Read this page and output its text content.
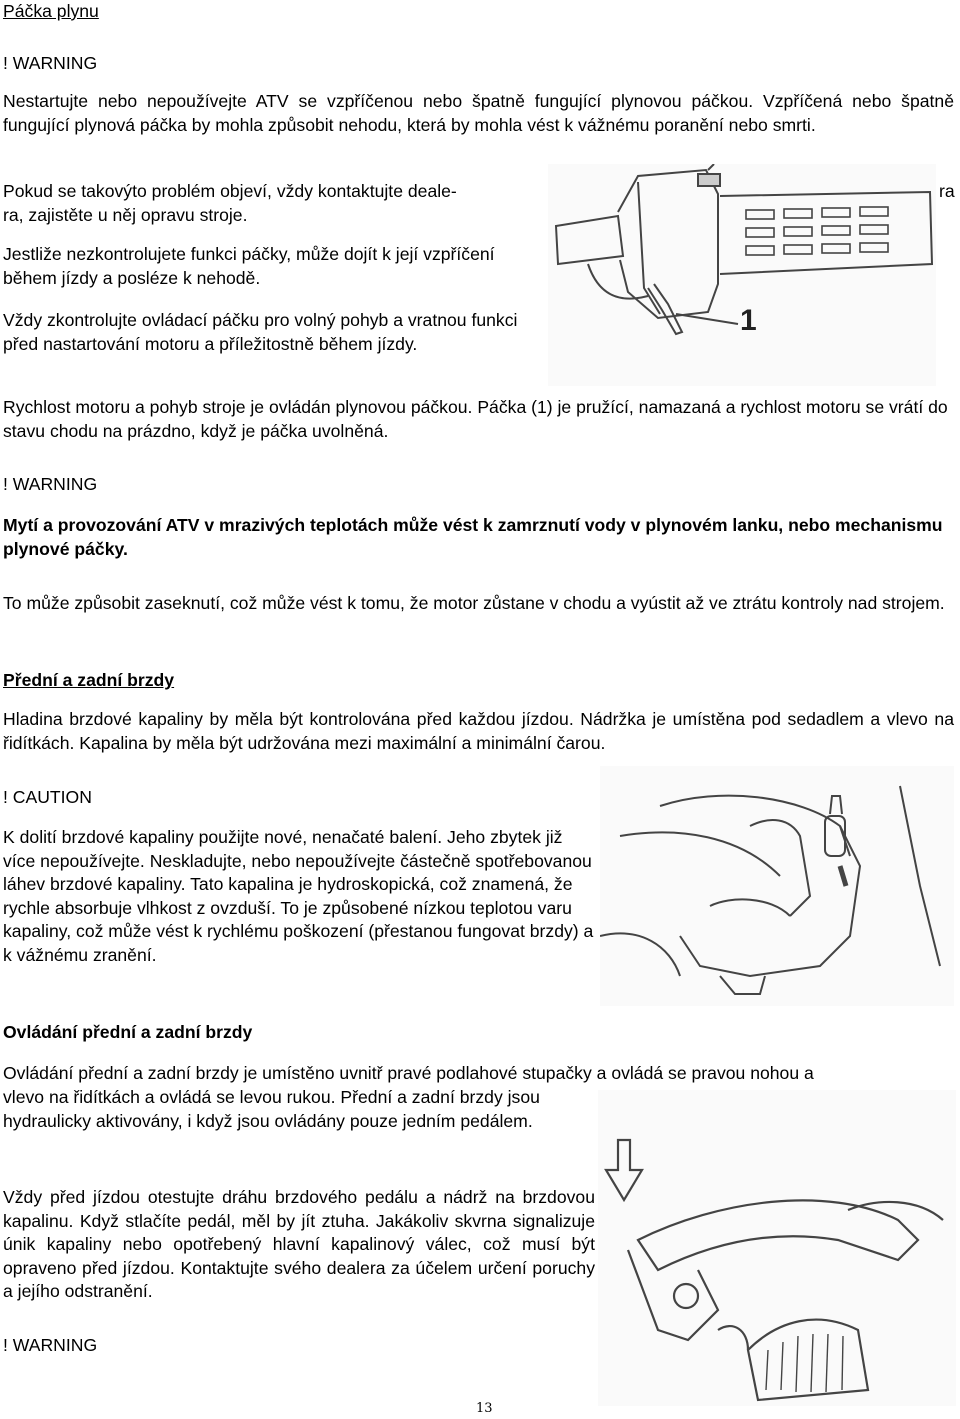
Páčka plynu
! WARNING
Nestartujte nebo nepoužívejte ATV se vzpříčenou nebo špatně fungující plynovou páčkou. Vzpříčená nebo špatně fungující plynová páčka by mohla způsobit nehodu, která by mohla vést k vážnému poranění nebo smrti.
Pokud se takovýto problém objeví, vždy kontaktujte deale-
ra, zajistěte u něj opravu stroje.
ra
Jestliže nezkontrolujete funkci páčky, může dojít k její vzpříčení během jízdy a posléze k nehodě.
Vždy zkontrolujte ovládací páčku pro volný pohyb a vratnou funkci před nastartování motoru a příležitostně během jízdy.
1
Rychlost motoru a pohyb stroje je ovládán plynovou páčkou. Páčka (1) je pružící, namazaná a rychlost motoru se vrátí do stavu chodu na prázdno, když je páčka uvolněná.
! WARNING
Mytí a provozování ATV v mrazivých teplotách může vést k zamrznutí vody v plynovém lanku, nebo mechanismu plynové páčky.
To může způsobit zaseknutí, což může vést k tomu, že motor zůstane v chodu a vyústit až ve ztrátu kontroly nad strojem.
Přední a zadní brzdy
Hladina brzdové kapaliny by měla být kontrolována před každou jízdou. Nádržka je umístěna pod sedadlem a vlevo na řidítkách. Kapalina by měla být udržována mezi maximální a minimální čarou.
! CAUTION
K dolití brzdové kapaliny použijte nové, nenačaté balení. Jeho zbytek již více nepoužívejte. Neskladujte, nebo nepoužívejte částečně spotřebovanou láhev brzdové kapaliny. Tato kapalina je hydroskopická, což znamená, že rychle absorbuje vlhkost z ovzduší. To je způsobené nízkou teplotou varu kapaliny, což může vést k rychlému poškození (přestanou fungovat brzdy) a k vážnému zranění.
Ovládání přední a zadní brzdy
Ovládání přední a zadní brzdy je umístěno uvnitř pravé podlahové stupačky a ovládá se pravou nohou a
vlevo na řidítkách a ovládá se levou rukou. Přední a zadní brzdy jsou hydraulicky aktivovány, i když jsou ovládány pouze jedním pedálem.
Vždy před jízdou otestujte dráhu brzdového pedálu a nádrž na brzdovou kapalinu. Když stlačíte pedál, měl by jít ztuha. Jakákoliv skvrna signalizuje únik kapaliny nebo opotřebený hlavní kapalinový válec, což musí být opraveno před jízdou. Kontaktujte svého dealera za účelem určení poruchy a jejího odstranění.
! WARNING
13
